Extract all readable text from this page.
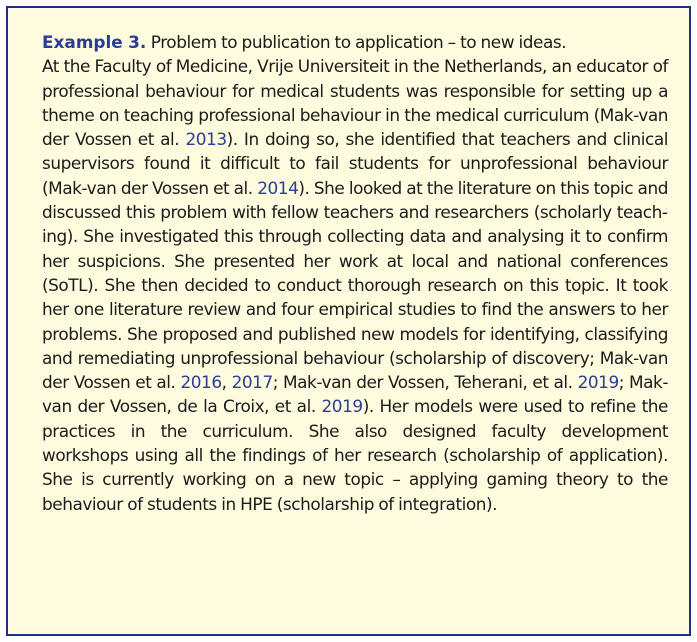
Example 3. Problem to publication to application – to new ideas.
At the Faculty of Medicine, Vrije Universiteit in the Netherlands, an educator of professional behaviour for medical students was responsible for setting up a theme on teaching professional behaviour in the medical curriculum (Mak-van der Vossen et al. 2013). In doing so, she identified that teachers and clinical supervisors found it difficult to fail students for unprofessional behaviour (Mak-van der Vossen et al. 2014). She looked at the literature on this topic and discussed this problem with fellow teachers and researchers (scholarly teaching). She investigated this through collecting data and analysing it to confirm her suspicions. She presented her work at local and national conferences (SoTL). She then decided to conduct thorough research on this topic. It took her one literature review and four empirical studies to find the answers to her problems. She proposed and published new models for identifying, classifying and remediating unprofessional behaviour (scholarship of discovery; Mak-van der Vossen et al. 2016, 2017; Mak-van der Vossen, Teherani, et al. 2019; Mak-van der Vossen, de la Croix, et al. 2019). Her models were used to refine the practices in the curriculum. She also designed faculty development workshops using all the findings of her research (scholarship of application). She is currently working on a new topic – applying gaming theory to the behaviour of students in HPE (scholarship of integration).
